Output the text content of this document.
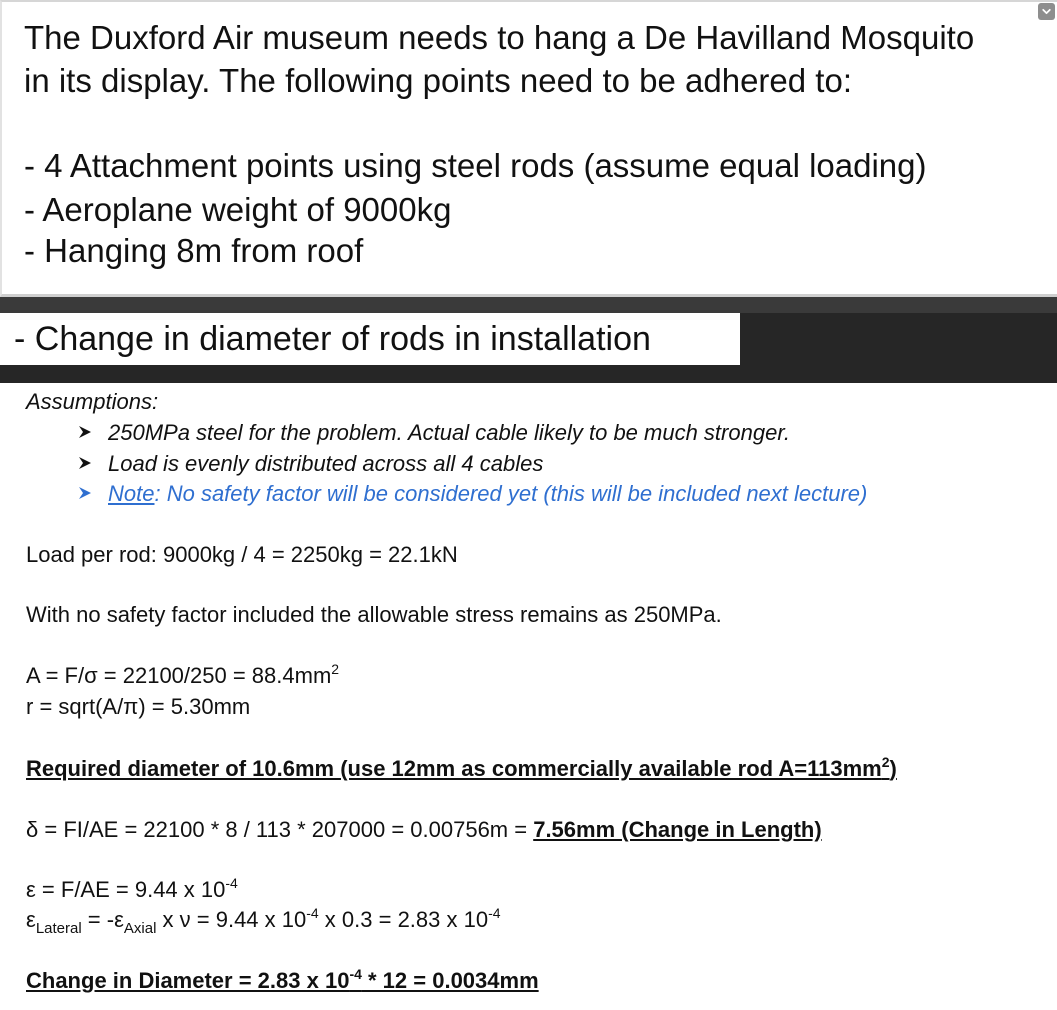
The Duxford Air museum needs to hang a De Havilland Mosquito
in its display. The following points need to be adhered to:
- 4 Attachment points using steel rods (assume equal loading)
- Aeroplane weight of 9000kg
- Hanging 8m from roof
- Change in diameter of rods in installation
Assumptions:
250MPa steel for the problem. Actual cable likely to be much stronger.
Load is evenly distributed across all 4 cables
Note : No safety factor will be considered yet (this will be included next lecture)
Load per rod: 9000kg / 4 = 2250kg = 22.1kN
With no safety factor included the allowable stress remains as 250MPa.
$A = F/\sigma = 22100/250 = 88.4mm^2$
r = sqrt(A/π) = 5.30mm
Required diameter of 10.6mm (use 12mm as commercially available rod $A=113mm^2$)
δ = FI/AE = 22100 * 8 / 113 * 207000 = 0.00756m = 7.56mm (Change in Length)
ε = F/AE = 9.44 x $10^{-4}$
$\varepsilon_{Lateral} = -\varepsilon_{Axial}$ x ν = 9.44 x $10^{-4}$ x 0.3 = 2.83 x $10^{-4}$
Change in Diameter = 2.83 x $10^{-4} * 12 = 0.0034mm$
